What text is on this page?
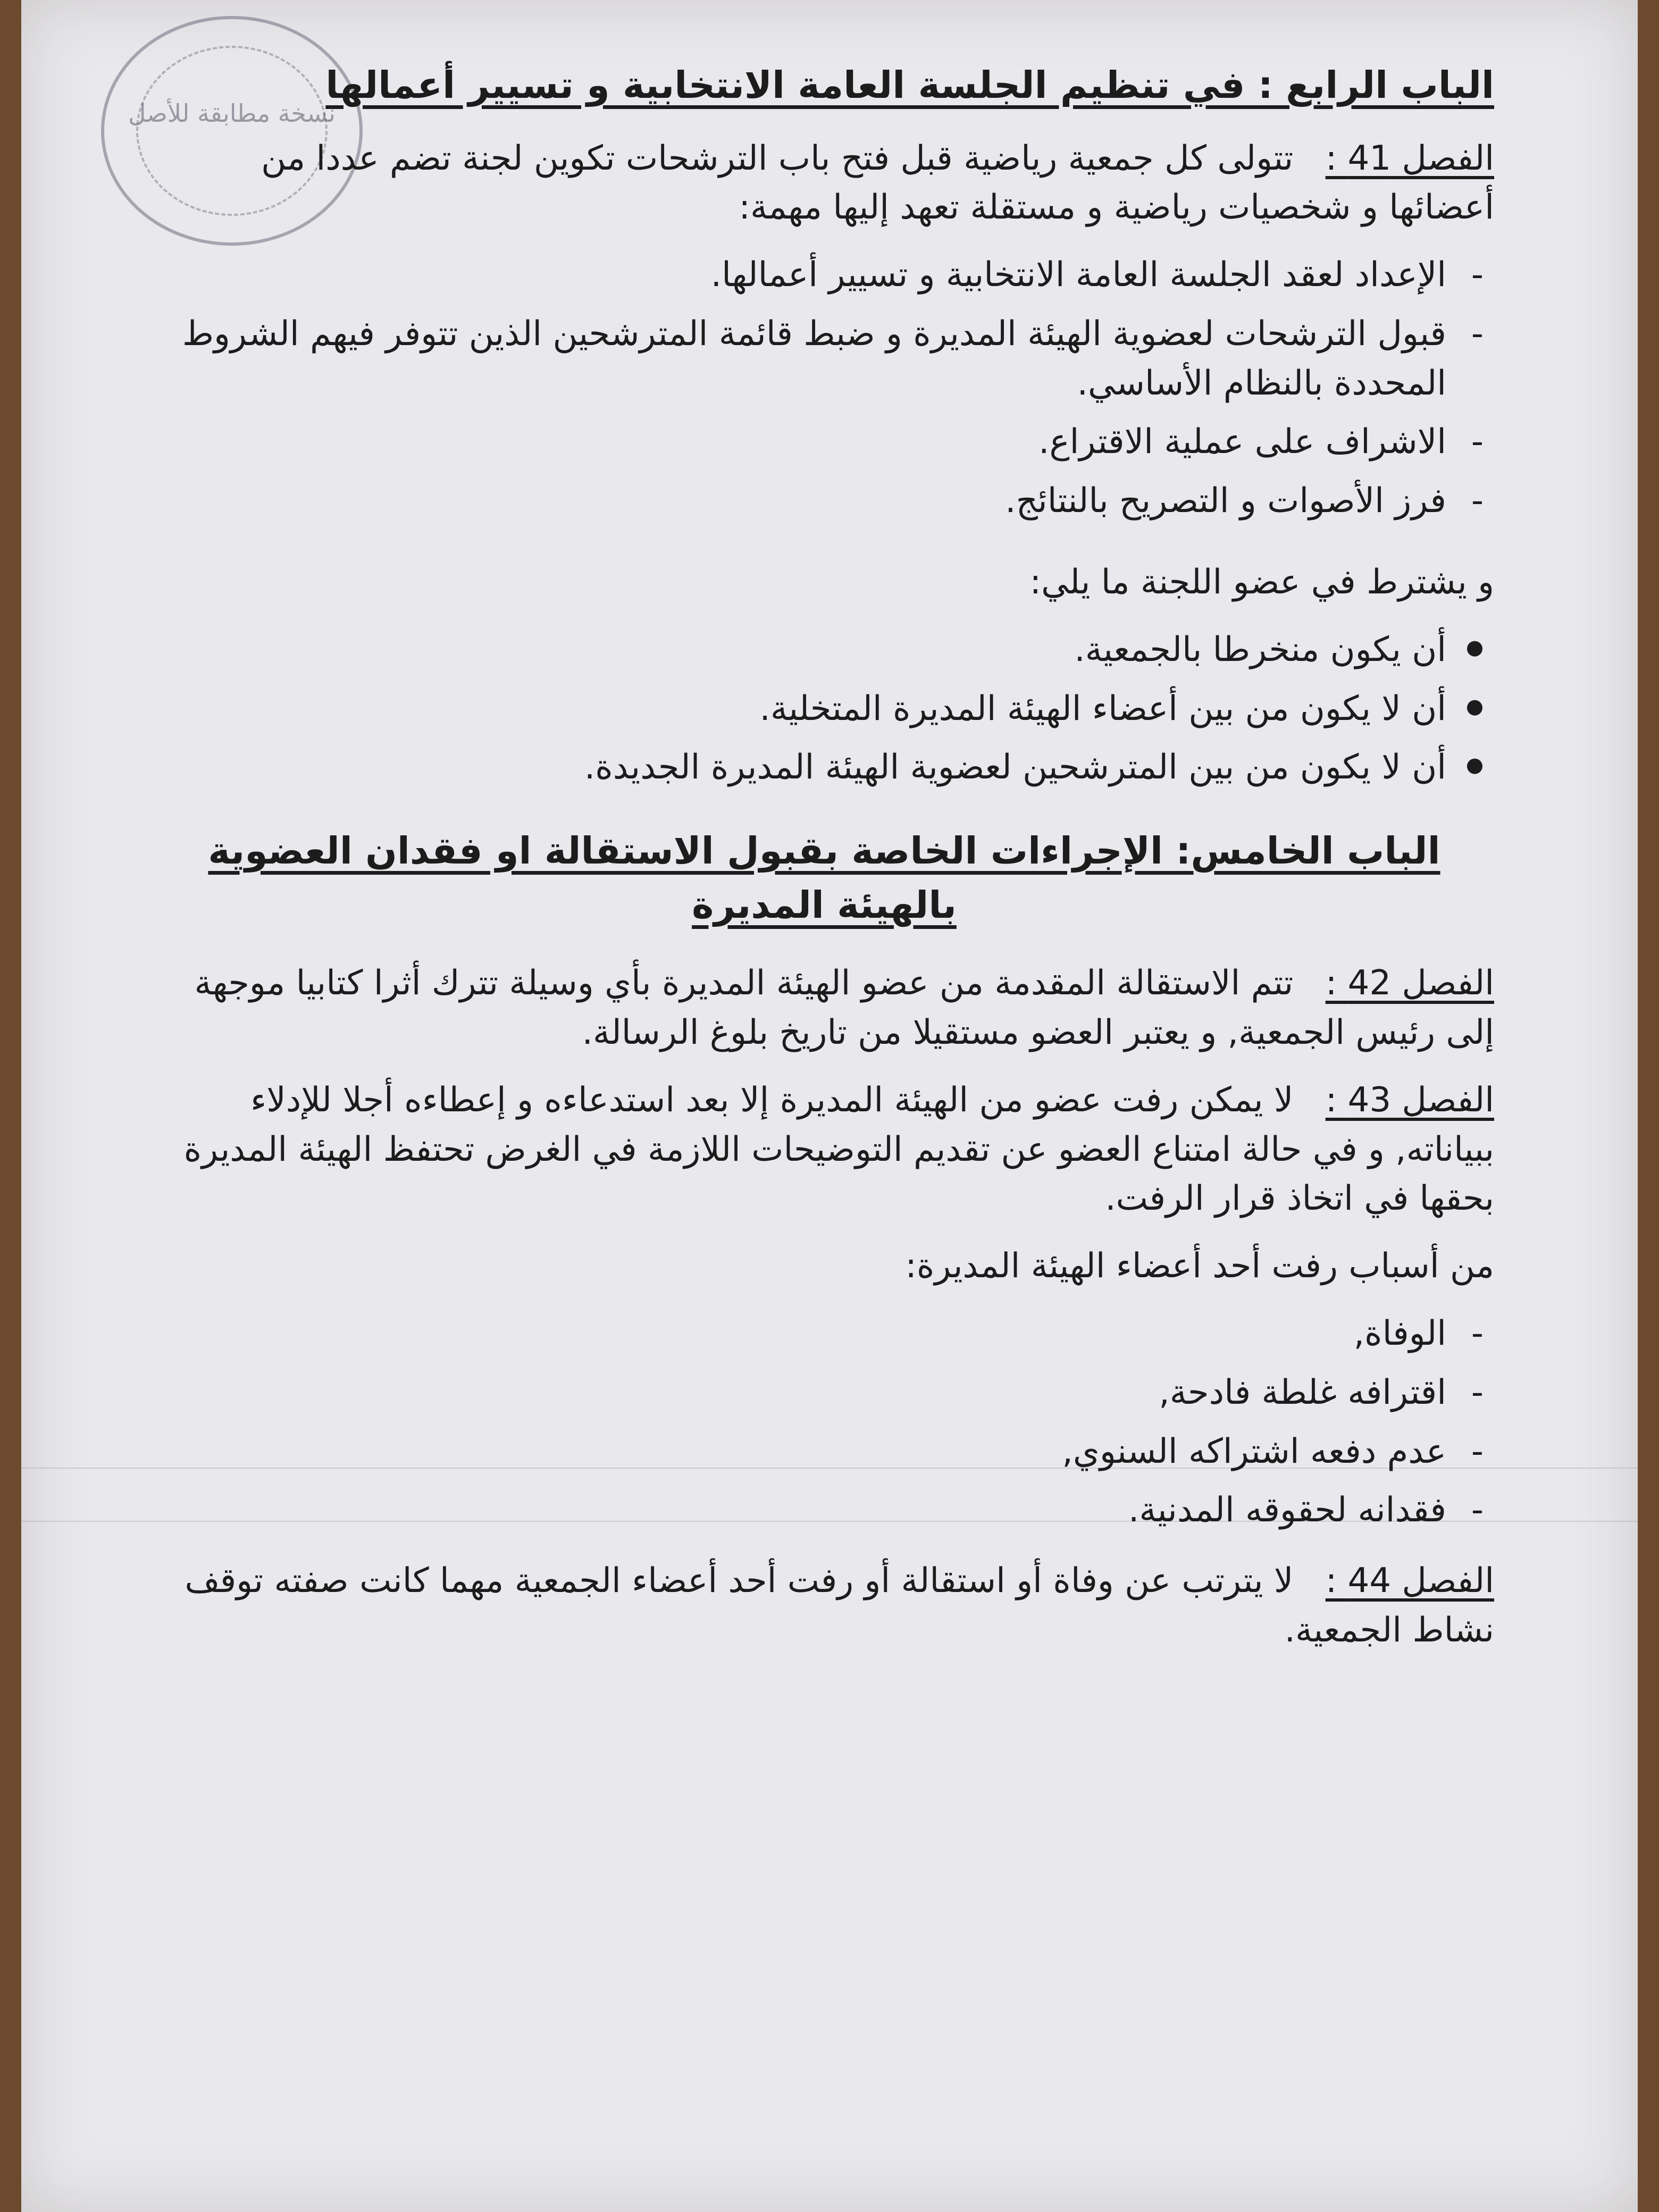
نسخة مطابقة للأصل
الباب الرابع : في تنظيم الجلسة العامة الانتخابية و تسيير أعمالها

الفصل 41 : تتولى كل جمعية رياضية قبل فتح باب الترشحات تكوين لجنة تضم عددا من أعضائها و شخصيات رياضية و مستقلة تعهد إليها مهمة:

- الإعداد لعقد الجلسة العامة الانتخابية و تسيير أعمالها.
- قبول الترشحات لعضوية الهيئة المديرة و ضبط قائمة المترشحين الذين تتوفر فيهم الشروط المحددة بالنظام الأساسي.
- الاشراف على عملية الاقتراع.
- فرز الأصوات و التصريح بالنتائج.

و يشترط في عضو اللجنة ما يلي:

● أن يكون منخرطا بالجمعية.
● أن لا يكون من بين أعضاء الهيئة المديرة المتخلية.
● أن لا يكون من بين المترشحين لعضوية الهيئة المديرة الجديدة.
الباب الخامس: الإجراءات الخاصة بقبول الاستقالة او فقدان العضوية
بالهيئة المديرة

الفصل 42 : تتم الاستقالة المقدمة من عضو الهيئة المديرة بأي وسيلة تترك أثرا كتابيا موجهة إلى رئيس الجمعية, و يعتبر العضو مستقيلا من تاريخ بلوغ الرسالة.

الفصل 43 : لا يمكن رفت عضو من الهيئة المديرة إلا بعد استدعاءه و إعطاءه أجلا للإدلاء ببياناته, و في حالة امتناع العضو عن تقديم التوضيحات اللازمة في الغرض تحتفظ الهيئة المديرة بحقها في اتخاذ قرار الرفت.

من أسباب رفت أحد أعضاء الهيئة المديرة:

- الوفاة,
- اقترافه غلطة فادحة,
- عدم دفعه اشتراكه السنوي,
- فقدانه لحقوقه المدنية.

الفصل 44 : لا يترتب عن وفاة أو استقالة أو رفت أحد أعضاء الجمعية مهما كانت صفته توقف نشاط الجمعية.
